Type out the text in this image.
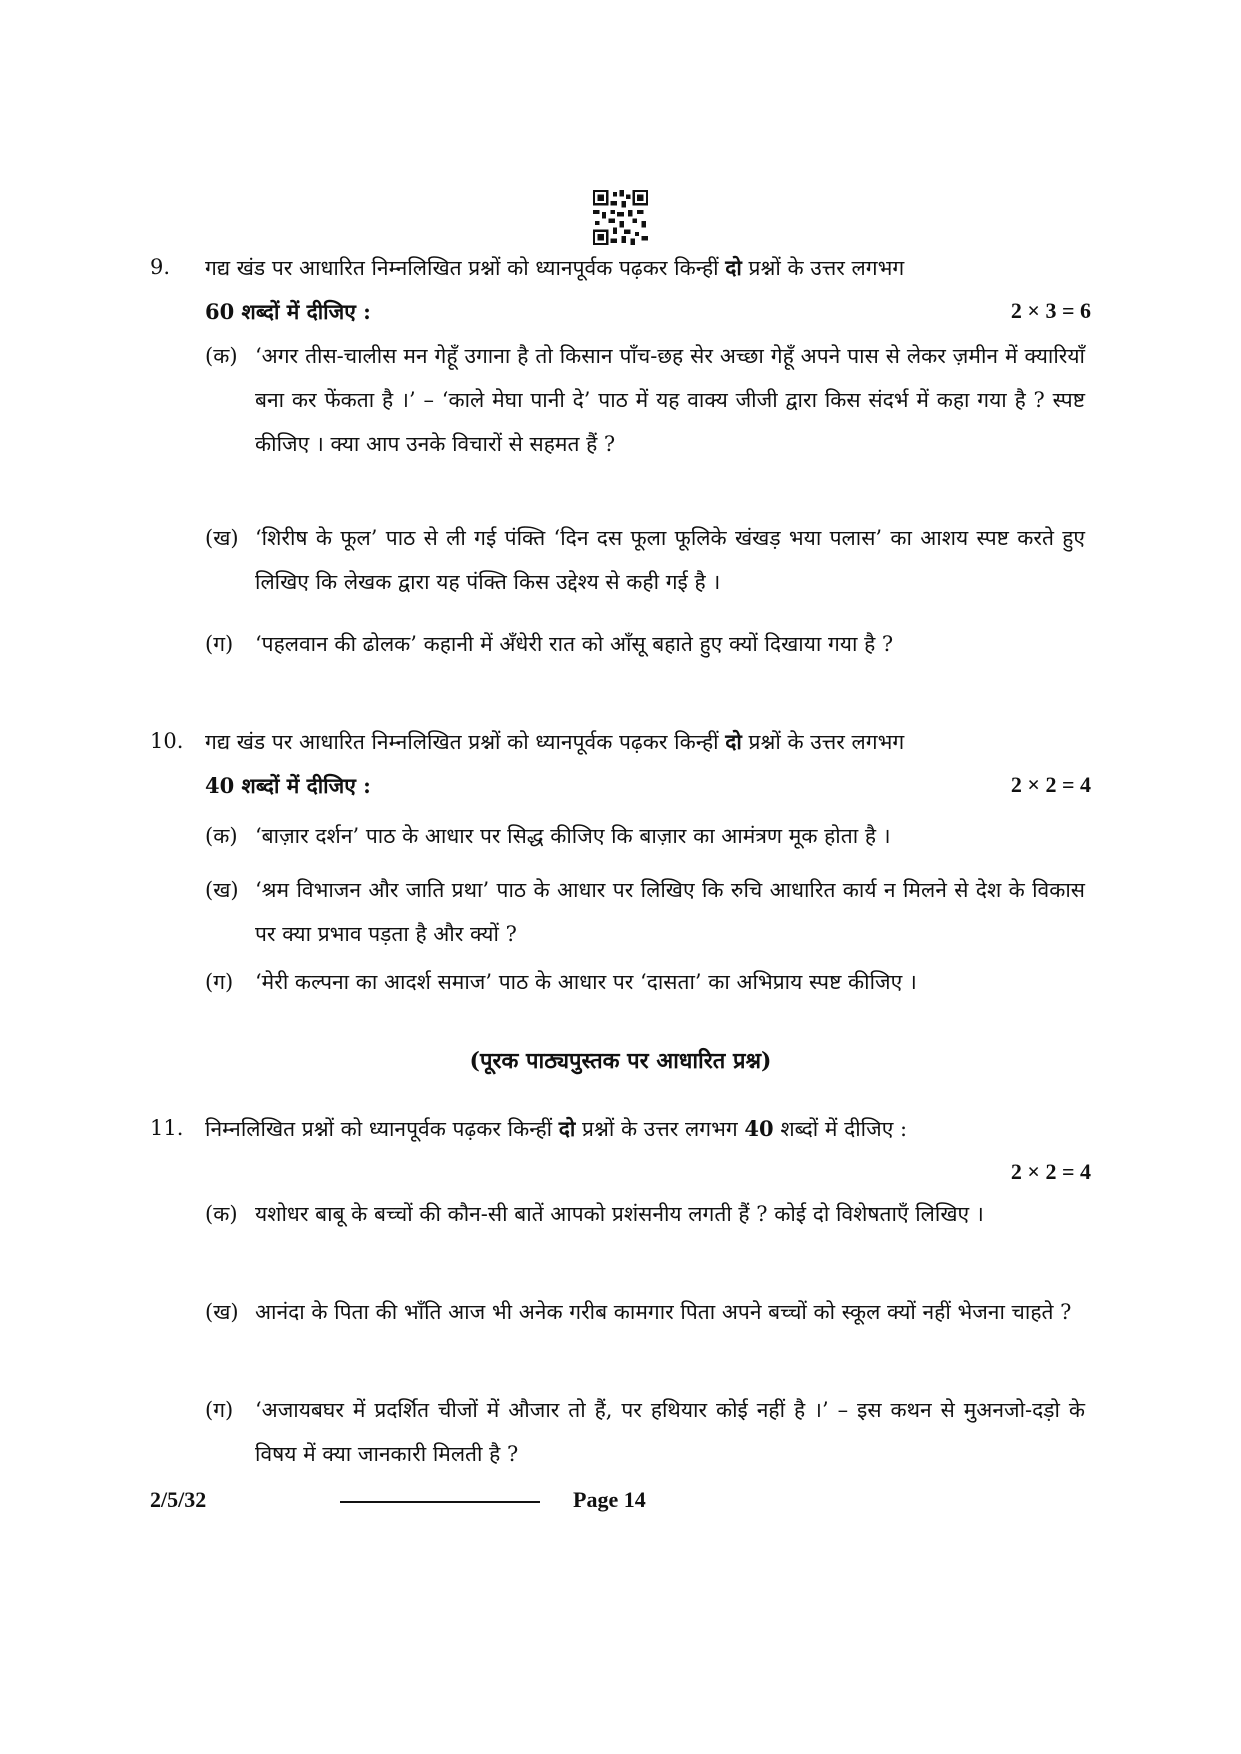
9. गद्य खंड पर आधारित निम्नलिखित प्रश्नों को ध्यानपूर्वक पढ़कर किन्हीं दो प्रश्नों के उत्तर लगभग
60 शब्दों में दीजिए :	2 × 3 = 6
(क) ‘अगर तीस-चालीस मन गेहूँ उगाना है तो किसान पाँच-छह सेर अच्छा गेहूँ अपने पास से लेकर ज़मीन में क्यारियाँ बना कर फेंकता है ।’ – ‘काले मेघा पानी दे’ पाठ में यह वाक्य जीजी द्वारा किस संदर्भ में कहा गया है ? स्पष्ट कीजिए । क्या आप उनके विचारों से सहमत हैं ?
(ख) ‘शिरीष के फूल’ पाठ से ली गई पंक्ति ‘दिन दस फूला फूलिके खंखड़ भया पलास’ का आशय स्पष्ट करते हुए लिखिए कि लेखक द्वारा यह पंक्ति किस उद्देश्य से कही गई है ।
(ग) ‘पहलवान की ढोलक’ कहानी में अँधेरी रात को आँसू बहाते हुए क्यों दिखाया गया है ?
10. गद्य खंड पर आधारित निम्नलिखित प्रश्नों को ध्यानपूर्वक पढ़कर किन्हीं दो प्रश्नों के उत्तर लगभग
40 शब्दों में दीजिए :	2 × 2 = 4
(क) ‘बाज़ार दर्शन’ पाठ के आधार पर सिद्ध कीजिए कि बाज़ार का आमंत्रण मूक होता है ।
(ख) ‘श्रम विभाजन और जाति प्रथा’ पाठ के आधार पर लिखिए कि रुचि आधारित कार्य न मिलने से देश के विकास पर क्या प्रभाव पड़ता है और क्यों ?
(ग) ‘मेरी कल्पना का आदर्श समाज’ पाठ के आधार पर ‘दासता’ का अभिप्राय स्पष्ट कीजिए ।
(पूरक पाठ्यपुस्तक पर आधारित प्रश्न)
11. निम्नलिखित प्रश्नों को ध्यानपूर्वक पढ़कर किन्हीं दो प्रश्नों के उत्तर लगभग 40 शब्दों में दीजिए :
2 × 2 = 4
(क) यशोधर बाबू के बच्चों की कौन-सी बातें आपको प्रशंसनीय लगती हैं ? कोई दो विशेषताएँ लिखिए ।
(ख) आनंदा के पिता की भाँति आज भी अनेक गरीब कामगार पिता अपने बच्चों को स्कूल क्यों नहीं भेजना चाहते ?
(ग) ‘अजायबघर में प्रदर्शित चीजों में औजार तो हैं, पर हथियार कोई नहीं है ।’ – इस कथन से मुअनजो-दड़ो के विषय में क्या जानकारी मिलती है ?
2/5/32	Page 14
